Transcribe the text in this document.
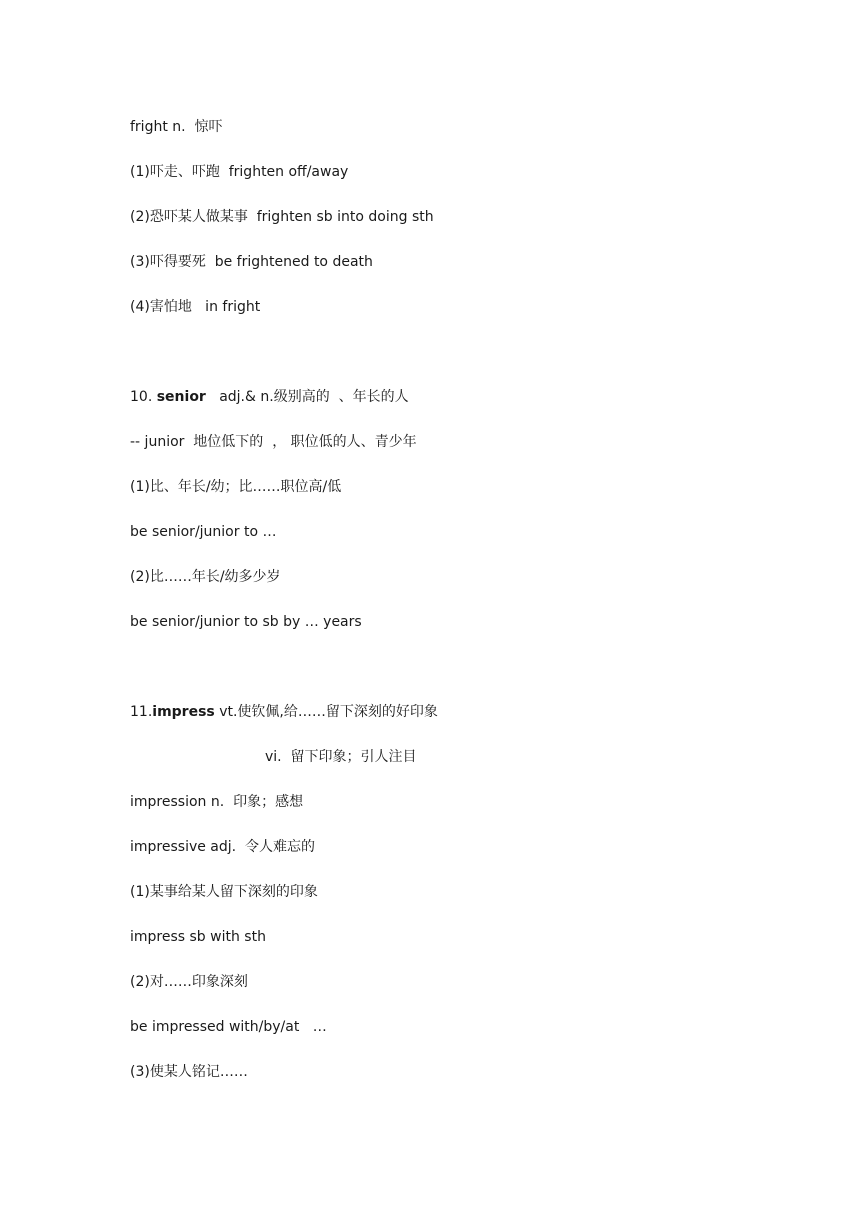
fright n.  惊吓
(1)吓走、吓跑  frighten off/away
(2)恐吓某人做某事  frighten sb into doing sth
(3)吓得要死  be frightened to death
(4)害怕地   in fright
10. senior   adj.& n.级别高的  、年长的人
-- junior  地位低下的  ， 职位低的人、青少年
(1)比、年长/幼；比……职位高/低
be senior/junior to …
(2)比……年长/幼多少岁
be senior/junior to sb by … years
11.impress vt.使钦佩,给……留下深刻的好印象
vi.  留下印象；引人注目
impression n.  印象；感想
impressive adj.  令人难忘的
(1)某事给某人留下深刻的印象
impress sb with sth
(2)对……印象深刻
be impressed with/by/at   …
(3)使某人铭记……
